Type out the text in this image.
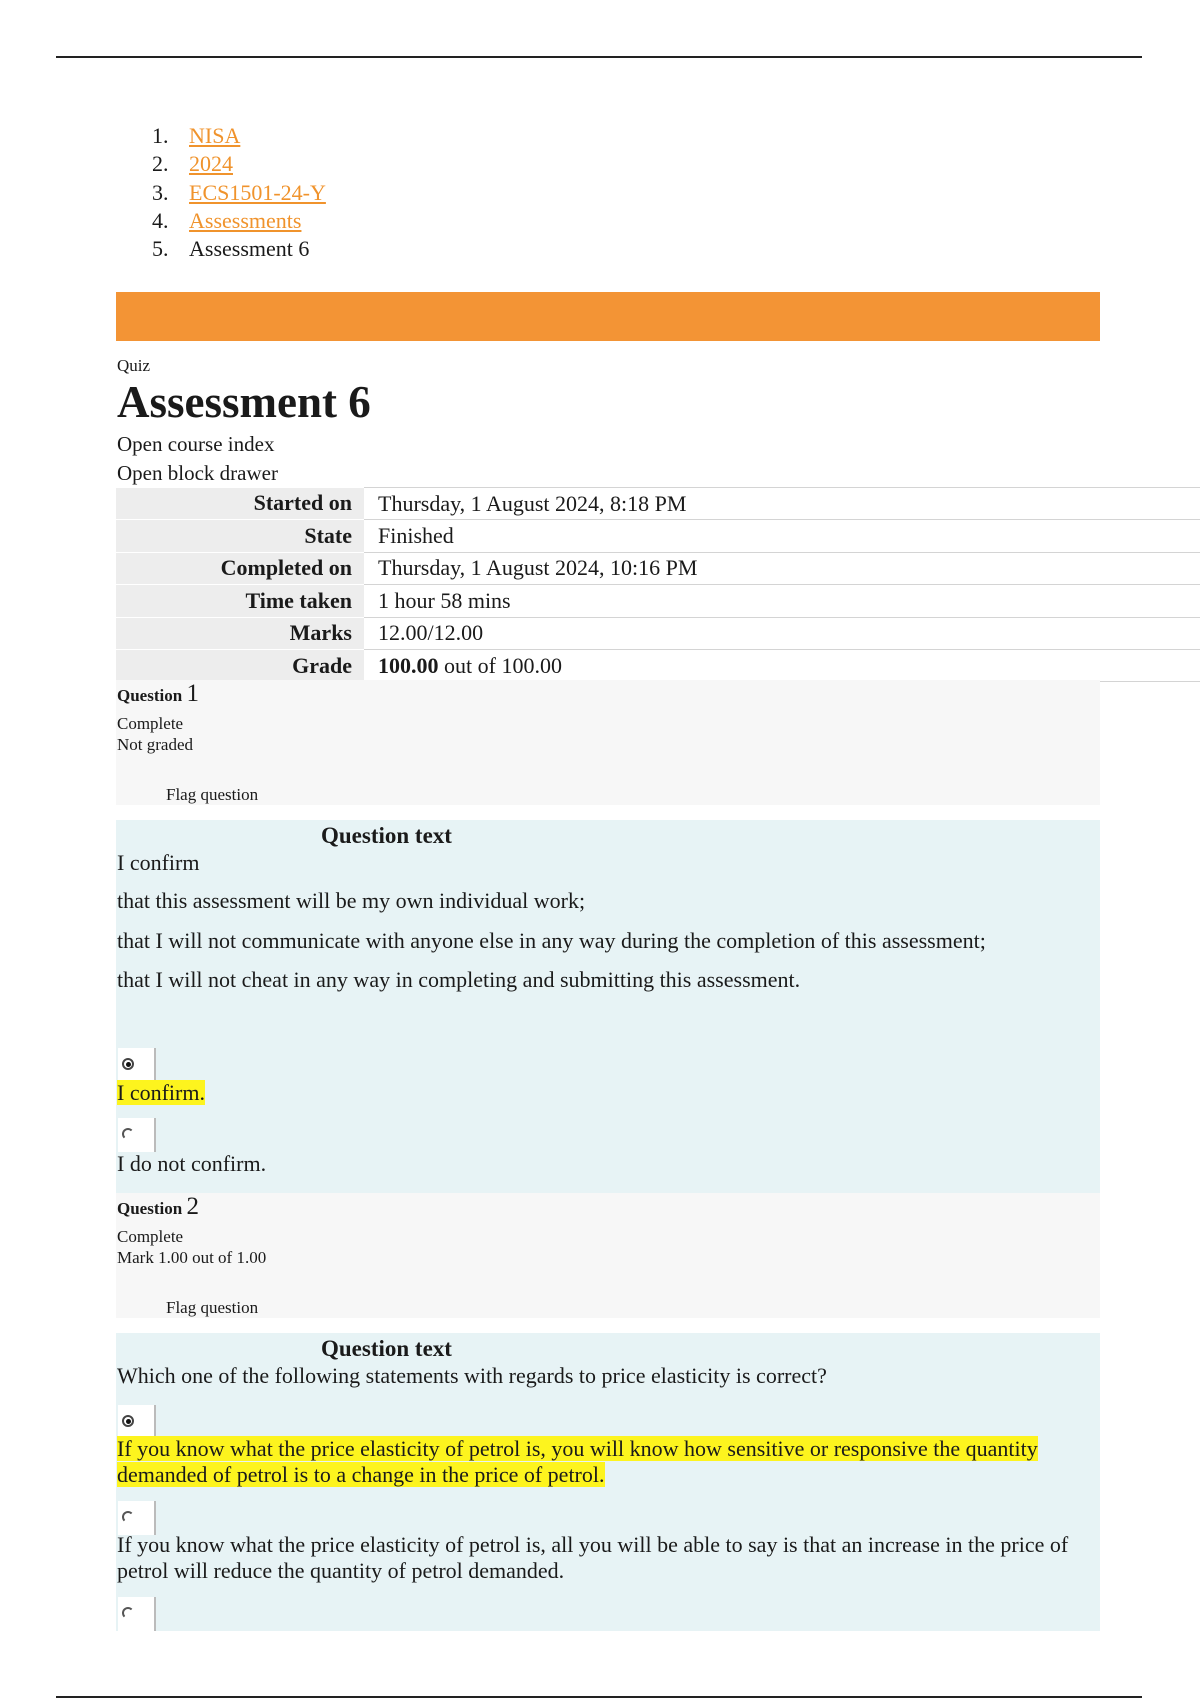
1. NISA
2. 2024
3. ECS1501-24-Y
4. Assessments
5. Assessment 6
Quiz
Assessment 6
Open course index
Open block drawer
Started on	Thursday, 1 August 2024, 8:18 PM
State	Finished
Completed on	Thursday, 1 August 2024, 10:16 PM
Time taken	1 hour 58 mins
Marks	12.00/12.00
Grade	100.00 out of 100.00
Question 1
Complete
Not graded
Flag question
Question text
I confirm
that this assessment will be my own individual work;
that I will not communicate with anyone else in any way during the completion of this assessment;
that I will not cheat in any way in completing and submitting this assessment.
I confirm.
I do not confirm.
Question 2
Complete
Mark 1.00 out of 1.00
Flag question
Question text
Which one of the following statements with regards to price elasticity is correct?
If you know what the price elasticity of petrol is, you will know how sensitive or responsive the quantity demanded of petrol is to a change in the price of petrol.
If you know what the price elasticity of petrol is, all you will be able to say is that an increase in the price of petrol will reduce the quantity of petrol demanded.
